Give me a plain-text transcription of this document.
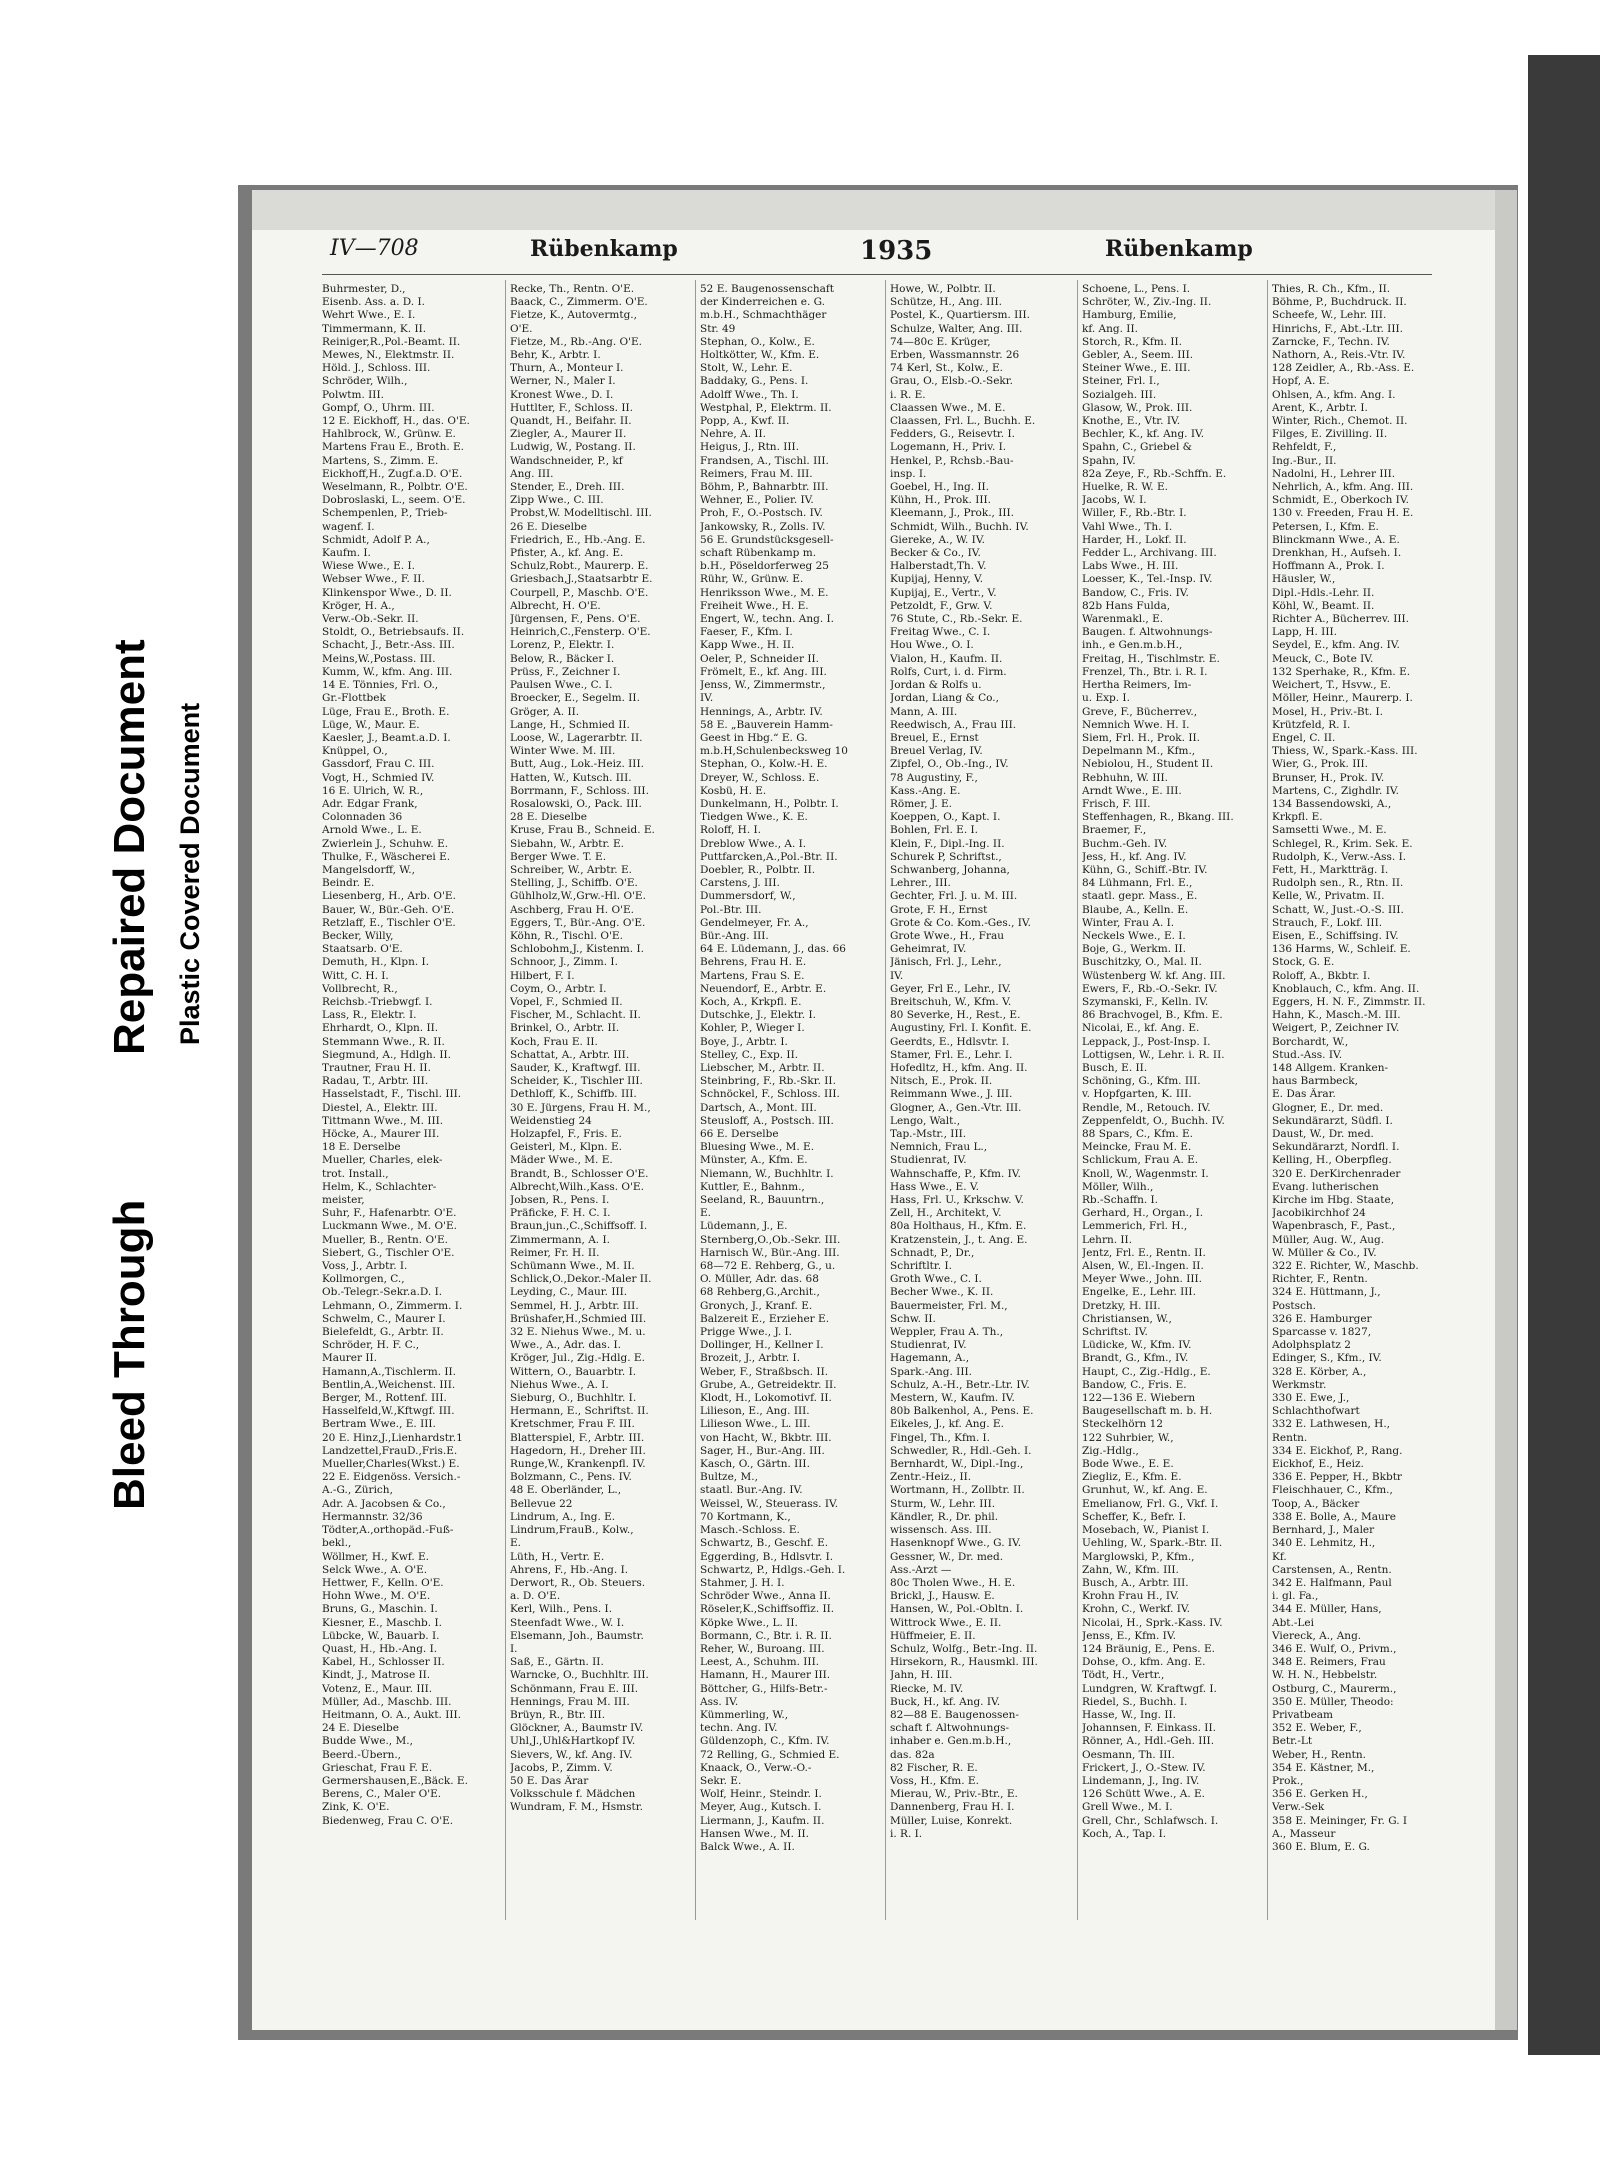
Bleed Through
Repaired Document Plastic Covered Document
IV—708	Rübenkamp	1935	Rübenkamp
Buhrmester, D.,
Eisenb. Ass. a. D. I.
Wehrt Wwe., E. I.
Timmermann, K. II.
Reiniger,R.,Pol.-Beamt. II.
Mewes, N., Elektmstr. II.
Höld. J., Schloss. III.
Schröder, Wilh.,
Polwtm. III.
Gompf, O., Uhrm. III.
12 E. Eickhoff, H., das. O'E.
Hahlbrock, W., Grünw. E.
Martens Frau E., Broth. E.
Martens, S., Zimm. E.
Eickhoff,H., Zugf.a.D. O'E.
Weselmann, R., Polbtr. O'E.
Dobroslaski, L., seem. O'E.
Schempenlen, P., Trieb-
wagenf. I.
Schmidt, Adolf P. A.,
Kaufm. I.
Wiese Wwe., E. I.
Webser Wwe., F. II.
Klinkenspor Wwe., D. II.
Kröger, H. A.,
Verw.-Ob.-Sekr. II.
Stoldt, O., Betriebsaufs. II.
Schacht, J., Betr.-Ass. III.
Meins,W.,Postass. III.
Kumm, W., kfm. Ang. III.
14 E. Tönnies, Frl. O.,
Gr.-Flottbek
Lüge, Frau E., Broth. E.
Lüge, W., Maur. E.
Kaesler, J., Beamt.a.D. I.
Knüppel, O.,
Gassdorf, Frau C. III.
Vogt, H., Schmied IV.
16 E. Ulrich, W. R.,
Adr. Edgar Frank,
Colonnaden 36
Arnold Wwe., L. E.
Zwierlein J., Schuhw. E.
Thulke, F., Wäscherei E.
Mangelsdorff, W.,
Beindr. E.
Liesenberg, H., Arb. O'E.
Bauer, W., Bür.-Geh. O'E.
Retzlaff, E., Tischler O'E.
Becker, Willy,
Staatsarb. O'E.
Demuth, H., Klpn. I.
Witt, C. H. I.
Vollbrecht, R.,
Reichsb.-Triebwgf. I.
Lass, R., Elektr. I.
Ehrhardt, O., Klpn. II.
Stemmann Wwe., R. II.
Siegmund, A., Hdlgh. II.
Trautner, Frau H. II.
Radau, T., Arbtr. III.
Hasselstadt, F., Tischl. III.
Diestel, A., Elektr. III.
Tittmann Wwe., M. III.
Höcke, A., Maurer III.
18 E. Derselbe
Mueller, Charles, elek-
trot. Install.,
Helm, K., Schlachter-
meister,
Suhr, F., Hafenarbtr. O'E.
Luckmann Wwe., M. O'E.
Mueller, B., Rentn. O'E.
Siebert, G., Tischler O'E.
Voss, J., Arbtr. I.
Kollmorgen, C.,
Ob.-Telegr.-Sekr.a.D. I.
Lehmann, O., Zimmerm. I.
Schwelm, C., Maurer I.
Bielefeldt, G., Arbtr. II.
Schröder, H. F. C.,
Maurer II.
Hamann,A.,Tischlerm. II.
Bentlin,A.,Weichenst. III.
Berger, M., Rottenf. III.
Hasselfeld,W.,Kftwgf. III.
Bertram Wwe., E. III.
20 E. Hinz,J.,Lienhardstr.1
Landzettel,FrauD.,Fris.E.
Mueller,Charles(Wkst.) E.
22 E. Eidgenöss. Versich.-
A.-G., Zürich,
Adr. A. Jacobsen & Co.,
Hermannstr. 32/36
Tödter,A.,orthopäd.-Fuß-
bekl.,
Wöllmer, H., Kwf. E.
Selck Wwe., A. O'E.
Hettwer, F., Kelln. O'E.
Hohn Wwe., M. O'E.
Bruns, G., Maschin. I.
Kiesner, E., Maschb. I.
Lübcke, W., Bauarb. I.
Quast, H., Hb.-Ang. I.
Kabel, H., Schlosser II.
Kindt, J., Matrose II.
Votenz, E., Maur. III.
Müller, Ad., Maschb. III.
Heitmann, O. A., Aukt. III.
24 E. Dieselbe
Budde Wwe., M.,
Beerd.-Übern.,
Grieschat, Frau F. E.
Germershausen,E.,Bäck. E.
Berens, C., Maler O'E.
Zink, K. O'E.
Biedenweg, Frau C. O'E.
Recke, Th., Rentn. O'E.
Baack, C., Zimmerm. O'E.
Fietze, K., Autovermtg.,
O'E.
Fietze, M., Rb.-Ang. O'E.
Behr, K., Arbtr. I.
Thurn, A., Monteur I.
Werner, N., Maler I.
Kronest Wwe., D. I.
Huttlter, F., Schloss. II.
Quandt, H., Beifahr. II.
Ziegler, A., Maurer II.
Ludwig, W., Postang. II.
Wandschneider, P., kf
Ang. III.
Stender, E., Dreh. III.
Zipp Wwe., C. III.
Probst,W. Modelltischl. III.
26 E. Dieselbe
Friedrich, E., Hb.-Ang. E.
Pfister, A., kf. Ang. E.
Schulz,Robt., Maurerp. E.
Griesbach,J.,Staatsarbtr E.
Courpell, P., Maschb. O'E.
Albrecht, H. O'E.
Jürgensen, F., Pens. O'E.
Heinrich,C.,Fensterp. O'E.
Lorenz, P., Elektr. I.
Below, R., Bäcker I.
Prüss, F., Zeichner I.
Paulsen Wwe., C. I.
Broecker, E., Segelm. II.
Gröger, A. II.
Lange, H., Schmied II.
Loose, W., Lagerarbtr. II.
Winter Wwe. M. III.
Butt, Aug., Lok.-Heiz. III.
Hatten, W., Kutsch. III.
Borrmann, F., Schloss. III.
Rosalowski, O., Pack. III.
28 E. Dieselbe
Kruse, Frau B., Schneid. E.
Siebahn, W., Arbtr. E.
Berger Wwe. T. E.
Schreiber, W., Arbtr. E.
Stelling, J., Schiffb. O'E.
Gühlholz,W.,Grw.-Hl. O'E.
Aschberg, Frau H. O'E.
Eggers, T., Bür.-Ang. O'E.
Köhn, R., Tischl. O'E.
Schlobohm,J., Kistenm. I.
Schnoor, J., Zimm. I.
Hilbert, F. I.
Coym, O., Arbtr. I.
Vopel, F., Schmied II.
Fischer, M., Schlacht. II.
Brinkel, O., Arbtr. II.
Koch, Frau E. II.
Schattat, A., Arbtr. III.
Sauder, K., Kraftwgf. III.
Scheider, K., Tischler III.
Dethloff, K., Schiffb. III.
30 E. Jürgens, Frau H. M.,
Weidenstieg 24
Holzapfel, F., Fris. E.
Geisterl, M., Klpn. E.
Mäder Wwe., M. E.
Brandt, B., Schlosser O'E.
Albrecht,Wilh.,Kass. O'E.
Jobsen, R., Pens. I.
Präficke, F. H. C. I.
Braun,jun.,C.,Schiffsoff. I.
Zimmermann, A. I.
Reimer, Fr. H. II.
Schümann Wwe., M. II.
Schlick,O.,Dekor.-Maler II.
Leyding, C., Maur. III.
Semmel, H. J., Arbtr. III.
Brüshafer,H.,Schmied III.
32 E. Niehus Wwe., M. u.
Wwe., A., Adr. das. I.
Kröger, Jul., Zig.-Hdlg. E.
Wittern, O., Bauarbtr. I.
Niehus Wwe., A. I.
Sieburg, O., Buchhltr. I.
Hermann, E., Schriftst. II.
Kretschmer, Frau F. III.
Blatterspiel, F., Arbtr. III.
Hagedorn, H., Dreher III.
Runge,W., Krankenpfl. IV.
Bolzmann, C., Pens. IV.
48 E. Oberländer, L.,
Bellevue 22
Lindrum, A., Ing. E.
Lindrum,FrauB., Kolw.,
E.
Lüth, H., Vertr. E.
Ahrens, F., Hb.-Ang. I.
Derwort, R., Ob. Steuers.
a. D. O'E.
Kerl, Wilh., Pens. I.
Steenfadt Wwe., W. I.
Elsemann, Joh., Baumstr.
I.
Saß, E., Gärtn. II.
Warncke, O., Buchhltr. III.
Schönmann, Frau E. III.
Hennings, Frau M. III.
Brüyn, R., Btr. III.
Glöckner, A., Baumstr IV.
Uhl,J.,Uhl&Hartkopf IV.
Sievers, W., kf. Ang. IV.
Jacobs, P., Zimm. V.
50 E. Das Ärar
Volksschule f. Mädchen
Wundram, F. M., Hsmstr.
52 E. Baugenossenschaft
der Kinderreichen e. G.
m.b.H., Schmachthäger
Str. 49
Stephan, O., Kolw., E.
Holtkötter, W., Kfm. E.
Stolt, W., Lehr. E.
Baddaky, G., Pens. I.
Adolff Wwe., Th. I.
Westphal, P., Elektrm. II.
Popp, A., Kwf. II.
Nehre, A. II.
Heigus, J., Rtn. III.
Frandsen, A., Tischl. III.
Reimers, Frau M. III.
Böhm, P., Bahnarbtr. III.
Wehner, E., Polier. IV.
Proh, F., O.-Postsch. IV.
Jankowsky, R., Zolls. IV.
56 E. Grundstücksgesell-
schaft Rübenkamp m.
b.H., Pöseldorferweg 25
Rühr, W., Grünw. E.
Henriksson Wwe., M. E.
Freiheit Wwe., H. E.
Engert, W., techn. Ang. I.
Faeser, F., Kfm. I.
Kapp Wwe., H. II.
Oeler, P., Schneider II.
Frömelt, E., kf. Ang. III.
Jenss, W., Zimmermstr.,
IV.
Hennings, A., Arbtr. IV.
58 E. „Bauverein Hamm-
Geest in Hbg.“ E. G.
m.b.H,Schulenbecksweg 10
Stephan, O., Kolw.-H. E.
Dreyer, W., Schloss. E.
Kosbü, H. E.
Dunkelmann, H., Polbtr. I.
Tiedgen Wwe., K. E.
Roloff, H. I.
Dreblow Wwe., A. I.
Puttfarcken,A.,Pol.-Btr. II.
Doebler, R., Polbtr. II.
Carstens, J. III.
Dummersdorf, W.,
Pol.-Btr. III.
Gendelmeyer, Fr. A.,
Bür.-Ang. III.
64 E. Lüdemann, J., das. 66
Behrens, Frau H. E.
Martens, Frau S. E.
Neuendorf, E., Arbtr. E.
Koch, A., Krkpfl. E.
Dutschke, J., Elektr. I.
Kohler, P., Wieger I.
Boye, J., Arbtr. I.
Stelley, C., Exp. II.
Liebscher, M., Arbtr. II.
Steinbring, F., Rb.-Skr. II.
Schnöckel, F., Schloss. III.
Dartsch, A., Mont. III.
Steusloff, A., Postsch. III.
66 E. Derselbe
Bluesing Wwe., M. E.
Münster, A., Kfm. E.
Niemann, W., Buchhltr. I.
Kuttler, E., Bahnm.,
Seeland, R., Bauuntrn.,
E.
Lüdemann, J., E.
Sternberg,O.,Ob.-Sekr. III.
Harnisch W., Bür.-Ang. III.
68—72 E. Rehberg, G., u.
O. Müller, Adr. das. 68
68 Rehberg,G.,Archit.,
Gronych, J., Kranf. E.
Balzereit E., Erzieher E.
Prigge Wwe., J. I.
Dollinger, H., Kellner I.
Brozeit, J., Arbtr. I.
Weber, F., Straßbsch. II.
Grube, A., Getreidektr. II.
Klodt, H., Lokomotivf. II.
Lilieson, E., Ang. III.
Lilieson Wwe., L. III.
von Hacht, W., Bkbtr. III.
Sager, H., Bur.-Ang. III.
Kasch, O., Gärtn. III.
Bultze, M.,
staatl. Bur.-Ang. IV.
Weissel, W., Steuerass. IV.
70 Kortmann, K.,
Masch.-Schloss. E.
Schwartz, B., Geschf. E.
Eggerding, B., Hdlsvtr. I.
Schwartz, P., Hdlgs.-Geh. I.
Stahmer, J. H. I.
Schröder Wwe., Anna II.
Röseler,K.,Schiffsoffiz. II.
Köpke Wwe., L. II.
Bormann, C., Btr. i. R. II.
Reher, W., Buroang. III.
Leest, A., Schuhm. III.
Hamann, H., Maurer III.
Böttcher, G., Hilfs-Betr.-
Ass. IV.
Kümmerling, W.,
techn. Ang. IV.
Güldenzoph, C., Kfm. IV.
72 Relling, G., Schmied E.
Knaack, O., Verw.-O.-
Sekr. E.
Wolf, Heinr., Steindr. I.
Meyer, Aug., Kutsch. I.
Liermann, J., Kaufm. II.
Hansen Wwe., M. II.
Balck Wwe., A. II.
Howe, W., Polbtr. II.
Schütze, H., Ang. III.
Postel, K., Quartiersm. III.
Schulze, Walter, Ang. III.
74—80c E. Krüger,
Erben, Wassmannstr. 26
74 Kerl, St., Kolw., E.
Grau, O., Elsb.-O.-Sekr.
i. R. E.
Claassen Wwe., M. E.
Claassen, Frl. L., Buchh. E.
Fedders, G., Reisevtr. I.
Logemann, H., Priv. I.
Henkel, P., Rchsb.-Bau-
insp. I.
Goebel, H., Ing. II.
Kühn, H., Prok. III.
Kleemann, J., Prok., III.
Schmidt, Wilh., Buchh. IV.
Giereke, A., W. IV.
Becker & Co., IV.
Halberstadt,Th. V.
Kupijaj, Henny, V.
Kupijaj, E., Vertr., V.
Petzoldt, F., Grw. V.
76 Stute, C., Rb.-Sekr. E.
Freitag Wwe., C. I.
Hou Wwe., O. I.
Vialon, H., Kaufm. II.
Rolfs, Curt, i. d. Firm.
Jordan & Rolfs u.
Jordan, Liang & Co.,
Mann, A. III.
Reedwisch, A., Frau III.
Breuel, E., Ernst
Breuel Verlag, IV.
Zipfel, O., Ob.-Ing., IV.
78 Augustiny, F.,
Kass.-Ang. E.
Römer, J. E.
Koeppen, O., Kapt. I.
Bohlen, Frl. E. I.
Klein, F., Dipl.-Ing. II.
Schurek P, Schriftst.,
Schwanberg, Johanna,
Lehrer., III.
Gechter, Frl. J. u. M. III.
Grote, F. H., Ernst
Grote & Co. Kom.-Ges., IV.
Grote Wwe., H., Frau
Geheimrat, IV.
Jänisch, Frl. J., Lehr.,
IV.
Geyer, Frl E., Lehr., IV.
Breitschuh, W., Kfm. V.
80 Severke, H., Rest., E.
Augustiny, Frl. I. Konfit. E.
Geerdts, E., Hdlsvtr. I.
Stamer, Frl. E., Lehr. I.
Hofedltz, H., kfm. Ang. II.
Nitsch, E., Prok. II.
Reimmann Wwe., J. III.
Glogner, A., Gen.-Vtr. III.
Lengo, Walt.,
Tap.-Mstr., III.
Nemnich, Frau L.,
Studienrat, IV.
Wahnschaffe, P., Kfm. IV.
Hass Wwe., E. V.
Hass, Frl. U., Krkschw. V.
Zell, H., Architekt, V.
80a Holthaus, H., Kfm. E.
Kratzenstein, J., t. Ang. E.
Schnadt, P., Dr.,
Schriftltr. I.
Groth Wwe., C. I.
Becher Wwe., K. II.
Bauermeister, Frl. M.,
Schw. II.
Weppler, Frau A. Th.,
Studienrat, IV.
Hagemann, A.,
Spark.-Ang. III.
Schulz, A.-H., Betr.-Ltr. IV.
Mestern, W., Kaufm. IV.
80b Balkenhol, A., Pens. E.
Eikeles, J., kf. Ang. E.
Fingel, Th., Kfm. I.
Schwedler, R., Hdl.-Geh. I.
Bernhardt, W., Dipl.-Ing.,
Zentr.-Heiz., II.
Wortmann, H., Zollbtr. II.
Sturm, W., Lehr. III.
Kändler, R., Dr. phil.
wissensch. Ass. III.
Hasenknopf Wwe., G. IV.
Gessner, W., Dr. med.
Ass.-Arzt —
80c Tholen Wwe., H. E.
Brickl, J., Hausw. E.
Hansen, W., Pol.-Obltn. I.
Wittrock Wwe., E. II.
Hüffmeier, E. II.
Schulz, Wolfg., Betr.-Ing. II.
Hirsekorn, R., Hausmkl. III.
Jahn, H. III.
Riecke, M. IV.
Buck, H., kf. Ang. IV.
82—88 E. Baugenossen-
schaft f. Altwohnungs-
inhaber e. Gen.m.b.H.,
das. 82a
82 Fischer, R. E.
Voss, H., Kfm. E.
Mierau, W., Priv.-Btr., E.
Dannenberg, Frau H. I.
Müller, Luise, Konrekt.
i. R. I.
Schoene, L., Pens. I.
Schröter, W., Ziv.-Ing. II.
Hamburg, Emilie,
kf. Ang. II.
Storch, R., Kfm. II.
Gebler, A., Seem. III.
Steiner Wwe., E. III.
Steiner, Frl. I.,
Sozialgeh. III.
Glasow, W., Prok. III.
Knothe, E., Vtr. IV.
Bechler, K., kf. Ang. IV.
Spahn, C., Griebel &
Spahn, IV.
82a Zeye, F., Rb.-Schffn. E.
Huelke, R. W. E.
Jacobs, W. I.
Willer, F., Rb.-Btr. I.
Vahl Wwe., Th. I.
Harder, H., Lokf. II.
Fedder L., Archivang. III.
Labs Wwe., H. III.
Loesser, K., Tel.-Insp. IV.
Bandow, C., Fris. IV.
82b Hans Fulda,
Warenmakl., E.
Baugen. f. Altwohnungs-
inh., e Gen.m.b.H.,
Freitag, H., Tischlmstr. E.
Frenzel, Th., Btr. i. R. I.
Hertha Reimers, Im-
u. Exp. I.
Greve, F., Bücherrev.,
Nemnich Wwe. H. I.
Siem, Frl. H., Prok. II.
Depelmann M., Kfm.,
Nebiolou, H., Student II.
Rebhuhn, W. III.
Arndt Wwe., E. III.
Frisch, F. III.
Steffenhagen, R., Bkang. III.
Braemer, F.,
Buchm.-Geh. IV.
Jess, H., kf. Ang. IV.
Kühn, G., Schiff.-Btr. IV.
84 Lühmann, Frl. E.,
staatl. gepr. Mass., E.
Blaube, A., Kelln. E.
Winter, Frau A. I.
Neckels Wwe., E. I.
Boje, G., Werkm. II.
Buschitzky, O., Mal. II.
Wüstenberg W. kf. Ang. III.
Ewers, F., Rb.-O.-Sekr. IV.
Szymanski, F., Kelln. IV.
86 Brachvogel, B., Kfm. E.
Nicolai, E., kf. Ang. E.
Leppack, J., Post-Insp. I.
Lottigsen, W., Lehr. i. R. II.
Busch, E. II.
Schöning, G., Kfm. III.
v. Hopfgarten, K. III.
Rendle, M., Retouch. IV.
Zeppenfeldt, O., Buchh. IV.
88 Spars, C., Kfm. E.
Meincke, Frau M. E.
Schlickum, Frau A. E.
Knoll, W., Wagenmstr. I.
Möller, Wilh.,
Rb.-Schaffn. I.
Gerhard, H., Organ., I.
Lemmerich, Frl. H.,
Lehrn. II.
Jentz, Frl. E., Rentn. II.
Alsen, W., El.-Ingen. II.
Meyer Wwe., John. III.
Engelke, E., Lehr. III.
Dretzky, H. III.
Christiansen, W.,
Schriftst. IV.
Lüdicke, W., Kfm. IV.
Brandt, G., Kfm., IV.
Haupt, C., Zig.-Hdlg., E.
Bandow, C., Fris. E.
122—136 E. Wiebern
Baugesellschaft m. b. H.
Steckelhörn 12
122 Suhrbier, W.,
Zig.-Hdlg.,
Bode Wwe., E. E.
Ziegliz, E., Kfm. E.
Grunhut, W., kf. Ang. E.
Emelianow, Frl. G., Vkf. I.
Scheffer, K., Befr. I.
Mosebach, W., Pianist I.
Uehling, W., Spark.-Btr. II.
Marglowski, P., Kfm.,
Zahn, W., Kfm. III.
Busch, A., Arbtr. III.
Krohn Frau H., IV.
Krohn, C., Werkf. IV.
Nicolai, H., Sprk.-Kass. IV.
Jenss, E., Kfm. IV.
124 Bräunig, E., Pens. E.
Dohse, O., kfm. Ang. E.
Tödt, H., Vertr.,
Lundgren, W. Kraftwgf. I.
Riedel, S., Buchh. I.
Hasse, W., Ing. II.
Johannsen, F. Einkass. II.
Rönner, A., Hdl.-Geh. III.
Oesmann, Th. III.
Frickert, J., O.-Stew. IV.
Lindemann, J., Ing. IV.
126 Schütt Wwe., A. E.
Grell Wwe., M. I.
Grell, Chr., Schlafwsch. I.
Koch, A., Tap. I.
Thies, R. Ch., Kfm., II.
Böhme, P., Buchdruck. II.
Scheefe, W., Lehr. III.
Hinrichs, F., Abt.-Ltr. III.
Zarncke, F., Techn. IV.
Nathorn, A., Reis.-Vtr. IV.
128 Zeidler, A., Rb.-Ass. E.
Hopf, A. E.
Ohlsen, A., kfm. Ang. I.
Arent, K., Arbtr. I.
Winter, Rich., Chemot. II.
Filges, E. Zivilling. II.
Rehfeldt, F.,
Ing.-Bur., II.
Nadolni, H., Lehrer III.
Nehrlich, A., kfm. Ang. III.
Schmidt, E., Oberkoch IV.
130 v. Freeden, Frau H. E.
Petersen, I., Kfm. E.
Blinckmann Wwe., A. E.
Drenkhan, H., Aufseh. I.
Hoffmann A., Prok. I.
Häusler, W.,
Dipl.-Hdls.-Lehr. II.
Köhl, W., Beamt. II.
Richter A., Bücherrev. III.
Lapp, H. III.
Seydel, E., kfm. Ang. IV.
Meuck, C., Bote IV.
132 Sperhake, R., Kfm. E.
Weichert, T., Hsvw., E.
Möller, Heinr., Maurerp. I.
Mosel, H., Priv.-Bt. I.
Krützfeld, R. I.
Engel, C. II.
Thiess, W., Spark.-Kass. III.
Wier, G., Prok. III.
Brunser, H., Prok. IV.
Martens, C., Zighdlr. IV.
134 Bassendowski, A.,
Krkpfl. E.
Samsetti Wwe., M. E.
Schlegel, R., Krim. Sek. E.
Rudolph, K., Verw.-Ass. I.
Fett, H., Marktträg. I.
Rudolph sen., R., Rtn. II.
Kelle, W., Privatm. II.
Schatt, W., Just.-O.-S. III.
Strauch, F., Lokf. III.
Eisen, E., Schiffsing. IV.
136 Harms, W., Schleif. E.
Stock, G. E.
Roloff, A., Bkbtr. I.
Knoblauch, C., kfm. Ang. II.
Eggers, H. N. F., Zimmstr. II.
Hahn, K., Masch.-M. III.
Weigert, P., Zeichner IV.
Borchardt, W.,
Stud.-Ass. IV.
148 Allgem. Kranken-
haus Barmbeck,
E. Das Ärar.
Glogner, E., Dr. med.
Sekundärarzt, Südfl. I.
Daust, W., Dr. med.
Sekundärarzt, Nordfl. I.
Kelling, H., Oberpfleg.
320 E. DerKirchenrader
Evang. lutherischen
Kirche im Hbg. Staate,
Jacobikirchhof 24
Wapenbrasch, F., Past.,
Müller, Aug. W., Aug.
W. Müller & Co., IV.
322 E. Richter, W., Maschb.
Richter, F., Rentn.
324 E. Hüttmann, J.,
Postsch.
326 E. Hamburger
Sparcasse v. 1827,
Adolphsplatz 2
Edinger, S., Kfm., IV.
328 E. Körber, A.,
Werkmstr.
330 E. Ewe, J.,
Schlachthofwart
332 E. Lathwesen, H.,
Rentn.
334 E. Eickhof, P., Rang.
Eickhof, E., Heiz.
336 E. Pepper, H., Bkbtr
Fleischhauer, C., Kfm.,
Toop, A., Bäcker
338 E. Bolle, A., Maure
Bernhard, J., Maler
340 E. Lehmitz, H.,
Kf.
Carstensen, A., Rentn.
342 E. Halfmann, Paul
i. gl. Fa.,
344 E. Müller, Hans,
Abt.-Lei
Viereck, A., Ang.
346 E. Wulf, O., Privm.,
348 E. Reimers, Frau
W. H. N., Hebbelstr.
Ostburg, C., Maurerm.,
350 E. Müller, Theodo:
Privatbeam
352 E. Weber, F.,
Betr.-Lt
Weber, H., Rentn.
354 E. Kästner, M.,
Prok.,
356 E. Gerken H.,
Verw.-Sek
358 E. Meininger, Fr. G. I
A., Masseur
360 E. Blum, E. G.
